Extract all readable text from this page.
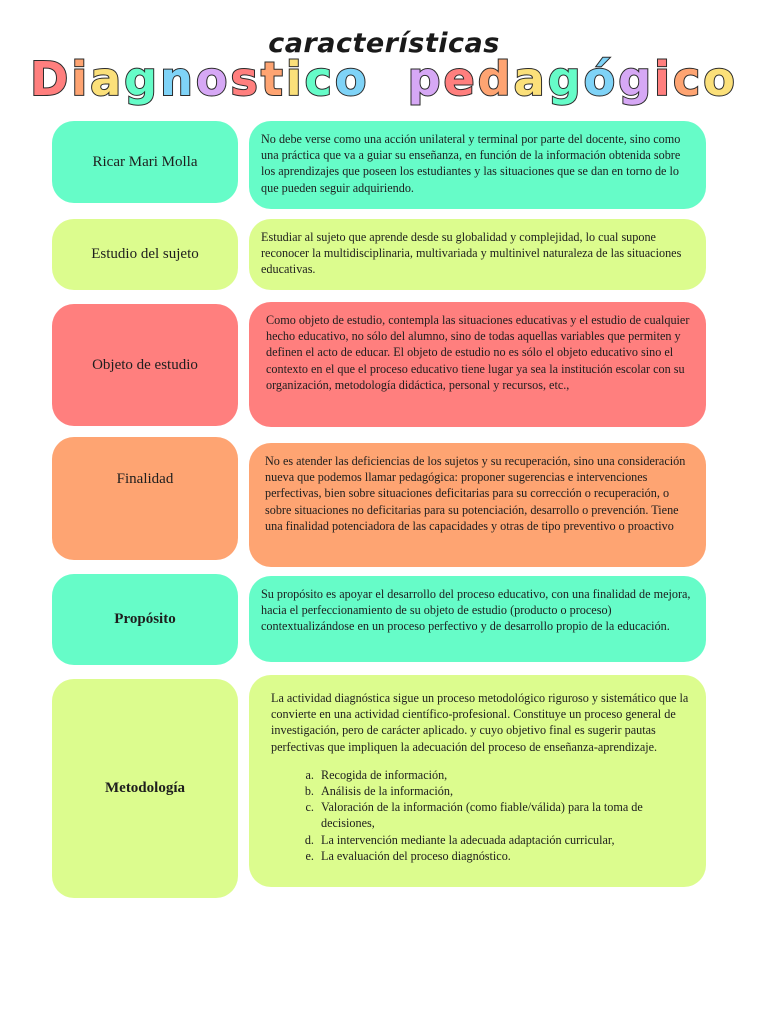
características
Diagnostico pedagógico
Ricar Mari Molla

No debe verse como una acción unilateral y terminal por parte del docente, sino como una práctica que va a guiar su enseñanza, en función de la información obtenida sobre los aprendizajes que poseen los estudiantes y las situaciones que se dan en torno de lo que pueden seguir adquiriendo.

Estudio del sujeto

Estudiar al sujeto que aprende desde su globalidad y complejidad, lo cual supone reconocer la multidisciplinaria, multivariada y multinivel naturaleza de las situaciones educativas.

Objeto de estudio

Como objeto de estudio, contempla las situaciones educativas y el estudio de cualquier hecho educativo, no sólo del alumno, sino de todas aquellas variables que permiten y definen el acto de educar. El objeto de estudio no es sólo el objeto educativo sino el contexto en el que el proceso educativo tiene lugar ya sea la institución escolar con su organización, metodología didáctica, personal y recursos, etc.,

Finalidad

No es atender las deficiencias de los sujetos y su recuperación, sino una consideración nueva que podemos llamar pedagógica: proponer sugerencias e intervenciones perfectivas, bien sobre situaciones deficitarias para su corrección o recuperación, o sobre situaciones no deficitarias para su potenciación, desarrollo o prevención. Tiene una finalidad potenciadora de las capacidades y otras de tipo preventivo o proactivo

Propósito

Su propósito es apoyar el desarrollo del proceso educativo, con una finalidad de mejora, hacia el perfeccionamiento de su objeto de estudio (producto o proceso) contextualizándose en un proceso perfectivo y de desarrollo propio de la educación.

Metodología

La actividad diagnóstica sigue un proceso metodológico riguroso y sistemático que la convierte en una actividad científico-profesional. Constituye un proceso general de investigación, pero de carácter aplicado. y cuyo objetivo final es sugerir pautas perfectivas que impliquen la adecuación del proceso de enseñanza-aprendizaje.

a. Recogida de información,
b. Análisis de la información,
c. Valoración de la información (como fiable/válida) para la toma de decisiones,
d. La intervención mediante la adecuada adaptación curricular,
e. La evaluación del proceso diagnóstico.
